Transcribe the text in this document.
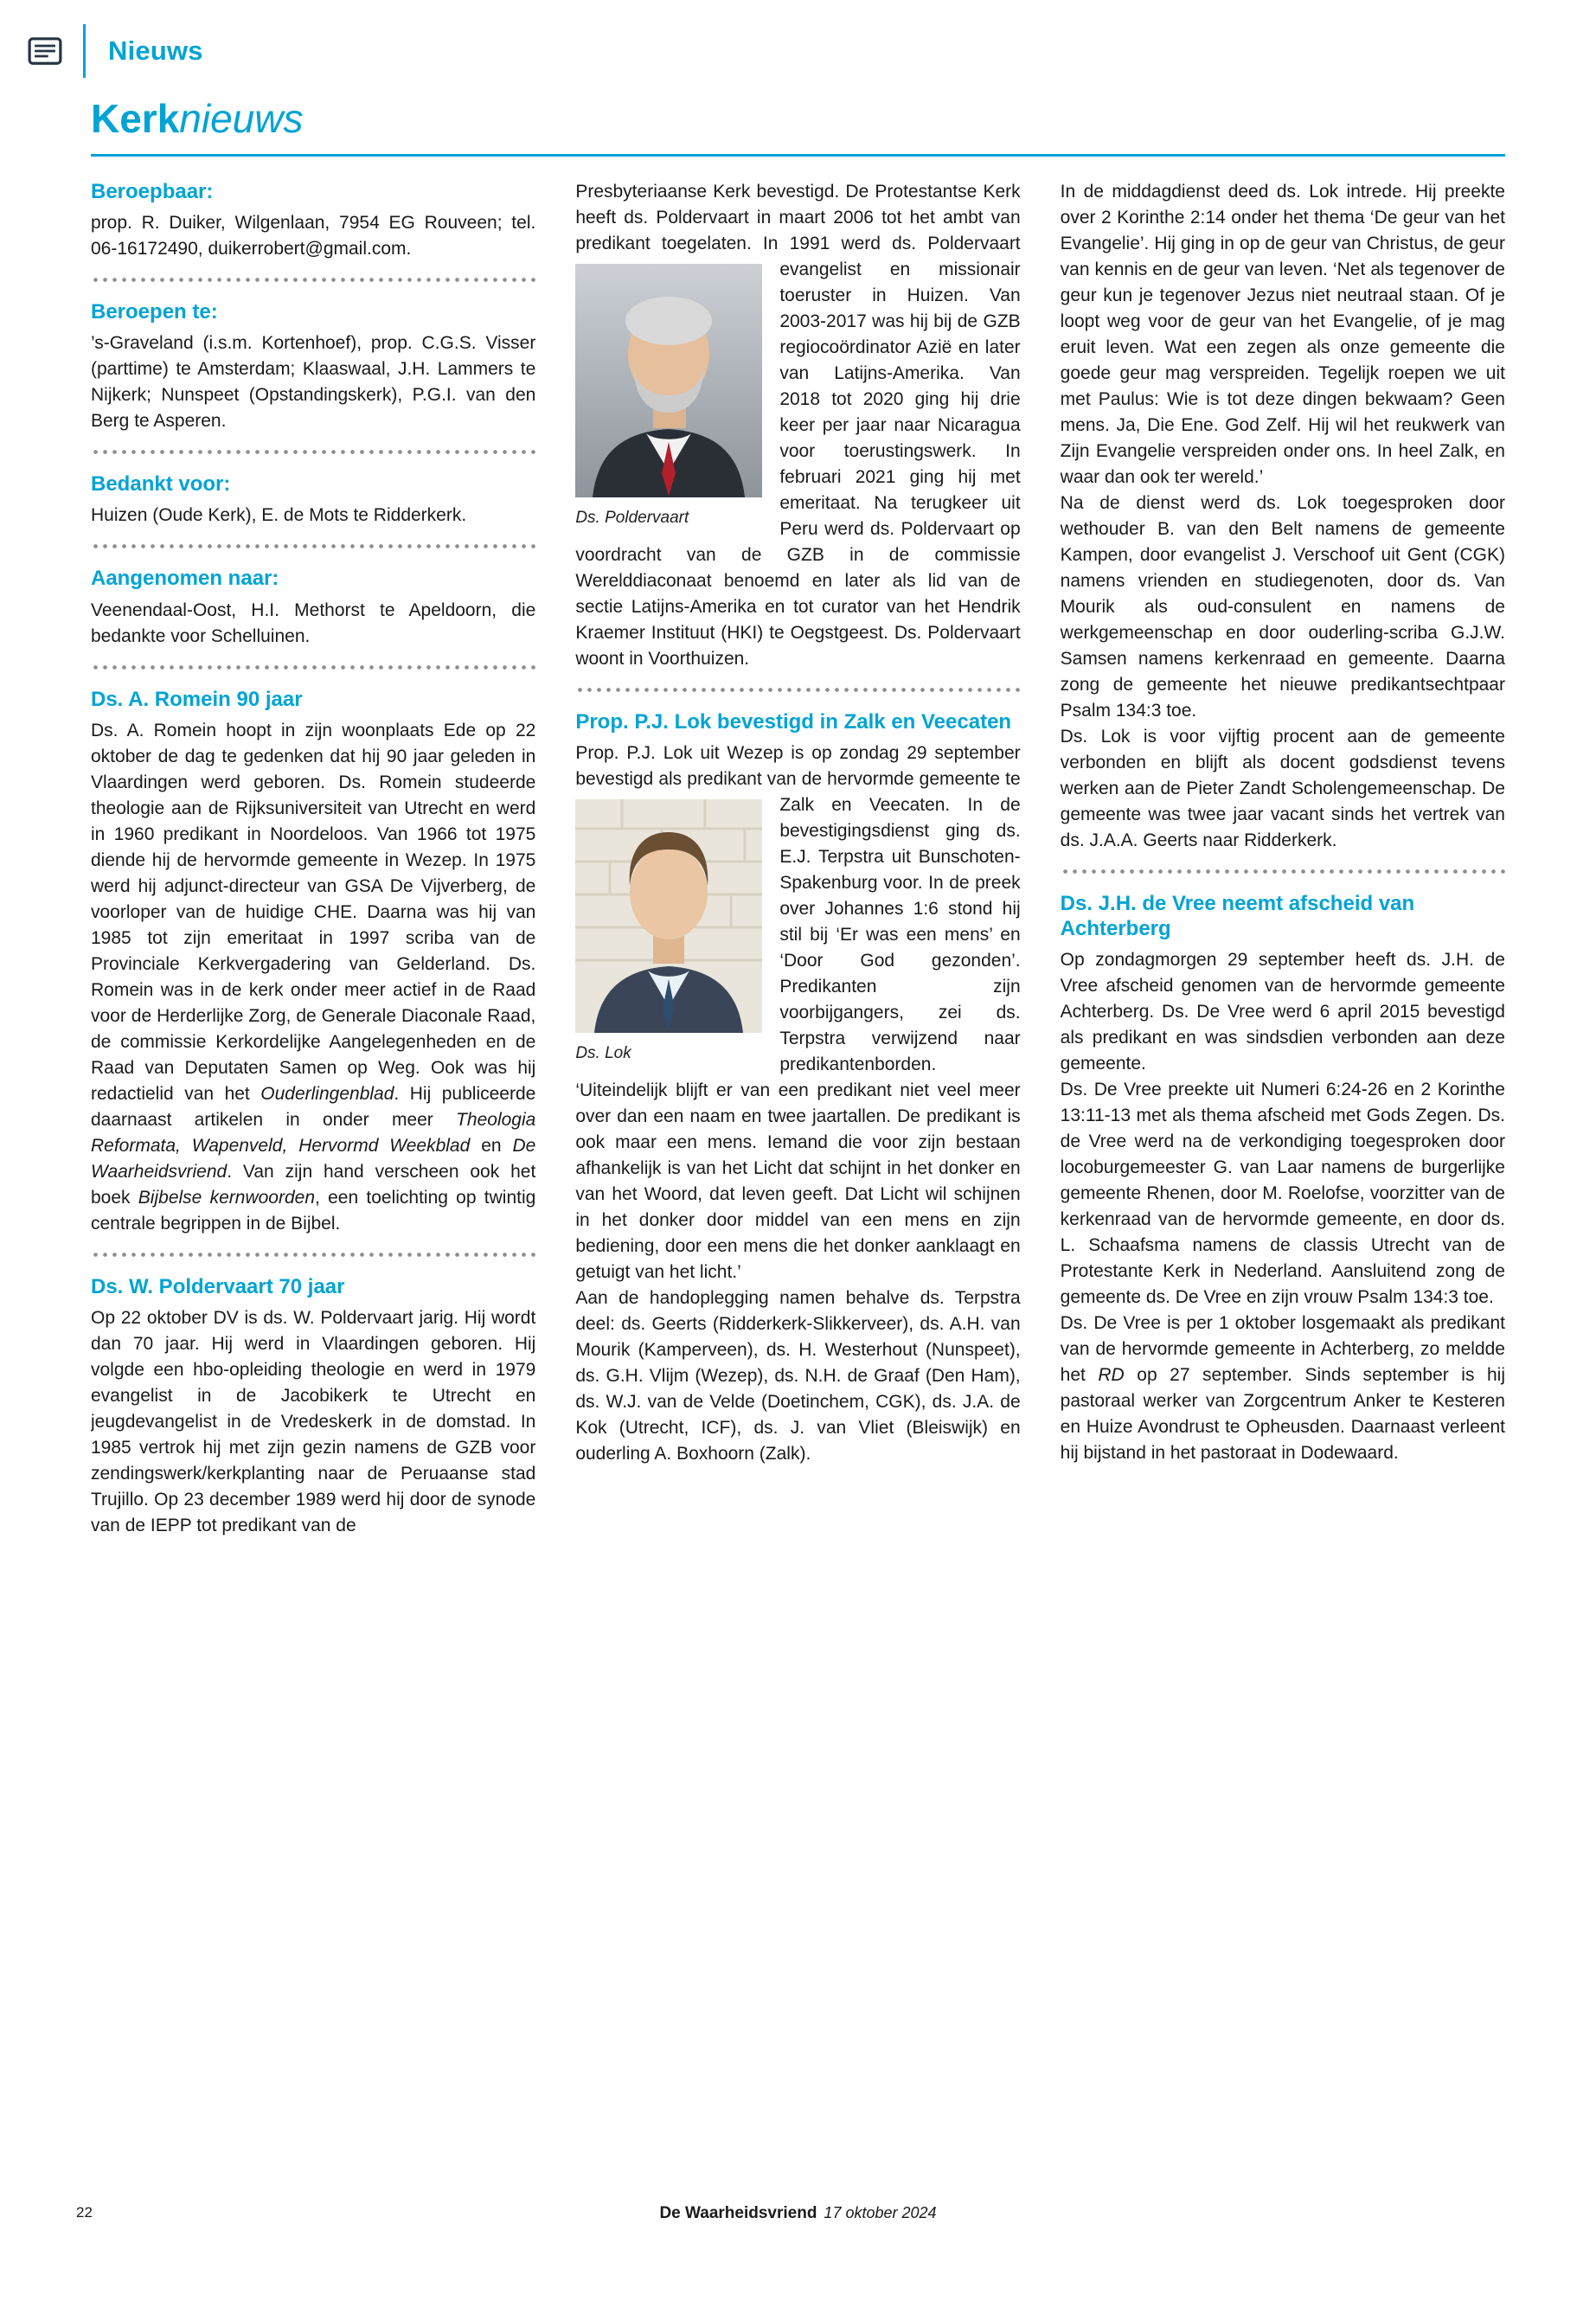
Nieuws
Kerknieuws
Beroepbaar:

prop. R. Duiker, Wilgenlaan, 7954 EG Rouveen; tel. 06-16172490, duikerrobert@gmail.com.

Beroepen te:

’s-Graveland (i.s.m. Kortenhoef), prop. C.G.S. Visser (parttime) te Amsterdam; Klaaswaal, J.H. Lammers te Nijkerk; Nunspeet (Opstandingskerk), P.G.I. van den Berg te Asperen.

Bedankt voor:

Huizen (Oude Kerk), E. de Mots te Ridderkerk.

Aangenomen naar:

Veenendaal-Oost, H.I. Methorst te Apeldoorn, die bedankte voor Schelluinen.

Ds. A. Romein 90 jaar

Ds. A. Romein hoopt in zijn woonplaats Ede op 22 oktober de dag te gedenken dat hij 90 jaar geleden in Vlaardingen werd geboren. Ds. Romein studeerde theologie aan de Rijksuniversiteit van Utrecht en werd in 1960 predikant in Noordeloos. Van 1966 tot 1975 diende hij de hervormde gemeente in Wezep. In 1975 werd hij adjunct-directeur van GSA De Vijverberg, de voorloper van de huidige CHE. Daarna was hij van 1985 tot zijn emeritaat in 1997 scriba van de Provinciale Kerkvergadering van Gelderland. Ds. Romein was in de kerk onder meer actief in de Raad voor de Herderlijke Zorg, de Generale Diaconale Raad, de commissie Kerkordelijke Aangelegenheden en de Raad van Deputaten Samen op Weg. Ook was hij redactielid van het Ouderlingenblad. Hij publiceerde daarnaast artikelen in onder meer Theologia Reformata, Wapenveld, Hervormd Weekblad en De Waarheidsvriend. Van zijn hand verscheen ook het boek Bijbelse kernwoorden, een toelichting op twintig centrale begrippen in de Bijbel.

Ds. W. Poldervaart 70 jaar

Op 22 oktober DV is ds. W. Poldervaart jarig. Hij wordt dan 70 jaar. Hij werd in Vlaardingen geboren. Hij volgde een hbo-opleiding theologie en werd in 1979 evangelist in de Jacobikerk te Utrecht en jeugdevangelist in de Vredeskerk in de domstad. In 1985 vertrok hij met zijn gezin namens de GZB voor zendingswerk/kerkplanting naar de Peruaanse stad Trujillo. Op 23 december 1989 werd hij door de synode van de IEPP tot predikant van de

Presbyteriaanse Kerk bevestigd. De Protestantse Kerk heeft ds. Poldervaart in maart 2006 tot het ambt van predikant toegelaten. In 1991 werd ds. Poldervaart
Ds. Poldervaart
evangelist en missionair toeruster in Huizen. Van 2003-2017 was hij bij de GZB regiocoördinator Azië en later van Latijns-Amerika. Van 2018 tot 2020 ging hij drie keer per jaar naar Nicaragua voor toerustingswerk. In februari 2021 ging hij met emeritaat. Na terugkeer uit Peru werd ds. Poldervaart op voordracht van de GZB in de commissie Werelddiaconaat benoemd en later als lid van de sectie Latijns-Amerika en tot curator van het Hendrik Kraemer Instituut (HKI) te Oegstgeest. Ds. Poldervaart woont in Voorthuizen.
Prop. P.J. Lok bevestigd in Zalk en Veecaten
Prop. P.J. Lok uit Wezep is op zondag 29 september bevestigd als predikant van de hervormde gemeente te Zalk en Veecaten.
Ds. Lok
In de bevestigingsdienst ging ds. E.J. Terpstra uit Bunschoten-Spakenburg voor. In de preek over Johannes 1:6 stond hij stil bij ‘Er was een mens’ en ‘Door God gezonden’. Predikanten zijn voorbijgangers, zei ds. Terpstra verwijzend naar predikantenborden. ‘Uiteindelijk blijft er van een predikant niet veel meer over dan een naam en twee jaartallen. De predikant is ook maar een mens. Iemand die voor zijn bestaan afhankelijk is van het Licht dat schijnt in het donker en van het Woord, dat leven geeft. Dat Licht wil schijnen in het donker door middel van een mens en zijn bediening, door een mens die het donker aanklaagt en getuigt van het licht.’

Aan de handoplegging namen behalve ds. Terpstra deel: ds. Geerts (Ridderkerk-Slikkerveer), ds. A.H. van Mourik (Kamperveen), ds. H. Westerhout (Nunspeet), ds. G.H. Vlijm (Wezep), ds. N.H. de Graaf (Den Ham), ds. W.J. van de Velde (Doetinchem, CGK), ds. J.A. de Kok (Utrecht, ICF), ds. J. van Vliet (Bleiswijk) en ouderling A. Boxhoorn (Zalk).

In de middagdienst deed ds. Lok intrede. Hij preekte over 2 Korinthe 2:14 onder het thema ‘De geur van het Evangelie’. Hij ging in op de geur van Christus, de geur van kennis en de geur van leven. ‘Net als tegenover de geur kun je tegenover Jezus niet neutraal staan. Of je loopt weg voor de geur van het Evangelie, of je mag eruit leven. Wat een zegen als onze gemeente die goede geur mag verspreiden. Tegelijk roepen we uit met Paulus: Wie is tot deze dingen bekwaam? Geen mens. Ja, Die Ene. God Zelf. Hij wil het reukwerk van Zijn Evangelie verspreiden onder ons. In heel Zalk, en waar dan ook ter wereld.’

Na de dienst werd ds. Lok toegesproken door wethouder B. van den Belt namens de gemeente Kampen, door evangelist J. Verschoof uit Gent (CGK) namens vrienden en studiegenoten, door ds. Van Mourik als oud-consulent en namens de werkgemeenschap en door ouderling-scriba G.J.W. Samsen namens kerkenraad en gemeente. Daarna zong de gemeente het nieuwe predikantsechtpaar Psalm 134:3 toe.

Ds. Lok is voor vijftig procent aan de gemeente verbonden en blijft als docent godsdienst tevens werken aan de Pieter Zandt Scholengemeenschap. De gemeente was twee jaar vacant sinds het vertrek van ds. J.A.A. Geerts naar Ridderkerk.

Ds. J.H. de Vree neemt afscheid van Achterberg

Op zondagmorgen 29 september heeft ds. J.H. de Vree afscheid genomen van de hervormde gemeente Achterberg. Ds. De Vree werd 6 april 2015 bevestigd als predikant en was sindsdien verbonden aan deze gemeente.

Ds. De Vree preekte uit Numeri 6:24-26 en 2 Korinthe 13:11-13 met als thema afscheid met Gods Zegen. Ds. de Vree werd na de verkondiging toegesproken door locoburgemeester G. van Laar namens de burgerlijke gemeente Rhenen, door M. Roelofse, voorzitter van de kerkenraad van de hervormde gemeente, en door ds. L. Schaafsma namens de classis Utrecht van de Protestante Kerk in Nederland. Aansluitend zong de gemeente ds. De Vree en zijn vrouw Psalm 134:3 toe.

Ds. De Vree is per 1 oktober losgemaakt als predikant van de hervormde gemeente in Achterberg, zo meldde het RD op 27 september. Sinds september is hij pastoraal werker van Zorgcentrum Anker te Kesteren en Huize Avondrust te Opheusden. Daarnaast verleent hij bijstand in het pastoraat in Dodewaard.

22	De Waarheidsvriend 17 oktober 2024
